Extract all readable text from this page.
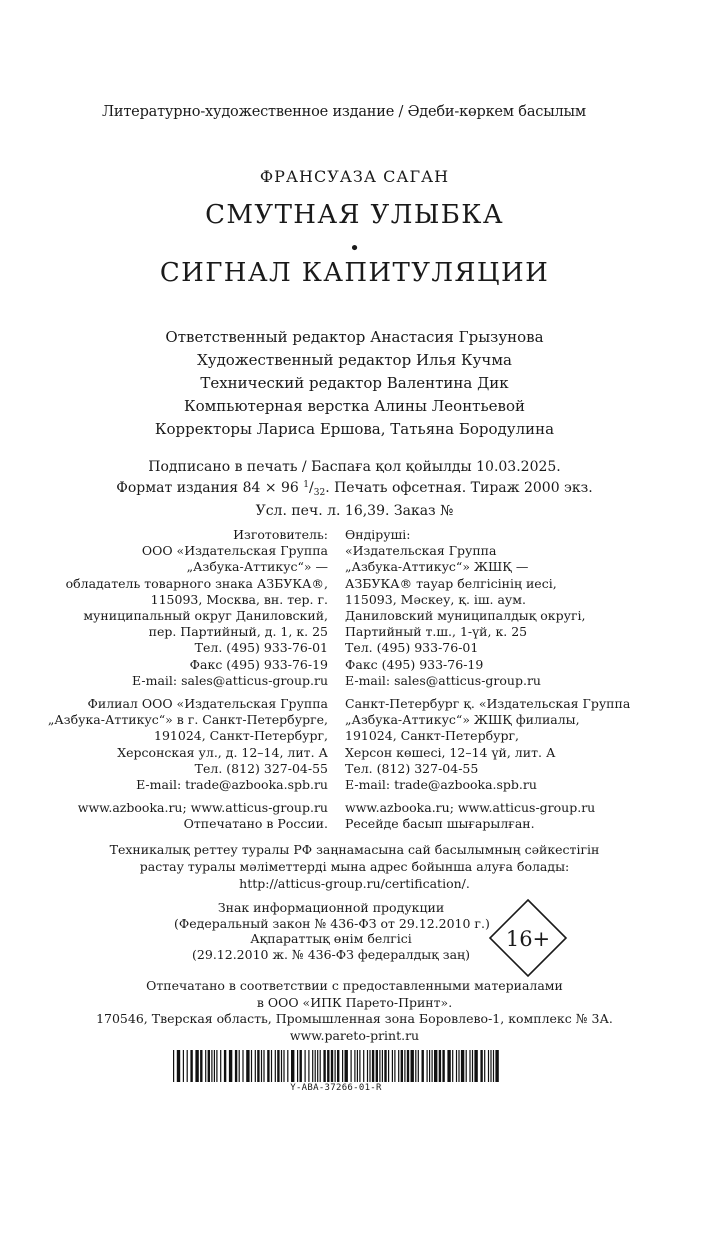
Литературно-художественное издание / Әдеби-көркем басылым
ФРАНСУАЗА САГАН
СМУТНАЯ УЛЫБКА
•
СИГНАЛ КАПИТУЛЯЦИИ
Ответственный редактор Анастасия Грызунова
Художественный редактор Илья Кучма
Технический редактор Валентина Дик
Компьютерная верстка Алины Леонтьевой
Корректоры Лариса Ершова, Татьяна Бородулина
Подписано в печать / Баспаға қол қойылды 10.03.2025.
Формат издания 84 × 96 $^1/_{32}$. Печать офсетная. Тираж 2000 экз.
Усл. печ. л. 16,39. Заказ №
Изготовитель:
ООО «Издательская Группа
„Азбука-Аттикус“» —
обладатель товарного знака АЗБУКА®,
115093, Москва, вн. тер. г.
муниципальный округ Даниловский,
пер. Партийный, д. 1, к. 25
Тел. (495) 933-76-01
Факс (495) 933-76-19
E-mail: sales@atticus-group.ru
Өндіруші:
«Издательская Группа
„Азбука-Аттикус“» ЖШҚ —
АЗБУКА® тауар белгісінің иесі,
115093, Мәскеу, қ. іш. аум.
Даниловский муниципалдық округі,
Партийный т.ш., 1-үй, к. 25
Тел. (495) 933-76-01
Факс (495) 933-76-19
E-mail: sales@atticus-group.ru
Филиал ООО «Издательская Группа
„Азбука-Аттикус“» в г. Санкт-Петербурге,
191024, Санкт-Петербург,
Херсонская ул., д. 12–14, лит. А
Тел. (812) 327-04-55
E-mail: trade@azbooka.spb.ru
Санкт-Петербург қ. «Издательская Группа
„Азбука-Аттикус“» ЖШҚ филиалы,
191024, Санкт-Петербург,
Херсон көшесі, 12–14 үй, лит. А
Тел. (812) 327-04-55
E-mail: trade@azbooka.spb.ru
www.azbooka.ru; www.atticus-group.ru
Отпечатано в России.
www.azbooka.ru; www.atticus-group.ru
Ресейде басып шығарылған.
Техникалық реттеу туралы РФ заңнамасына сай басылымның сәйкестігін
растау туралы мәліметтерді мына адрес бойынша алуға болады:
http://atticus-group.ru/certification/.
Знак информационной продукции
(Федеральный закон № 436-ФЗ от 29.12.2010 г.)
Ақпараттық өнім белгісі
(29.12.2010 ж. № 436-ФЗ федералдық заң)
16+
Отпечатано в соответствии с предоставленными материалами
в ООО «ИПК Парето-Принт».
170546, Тверская область, Промышленная зона Боровлево-1, комплекс № 3А.
www.pareto-print.ru
Y-ABA-37266-01-R
